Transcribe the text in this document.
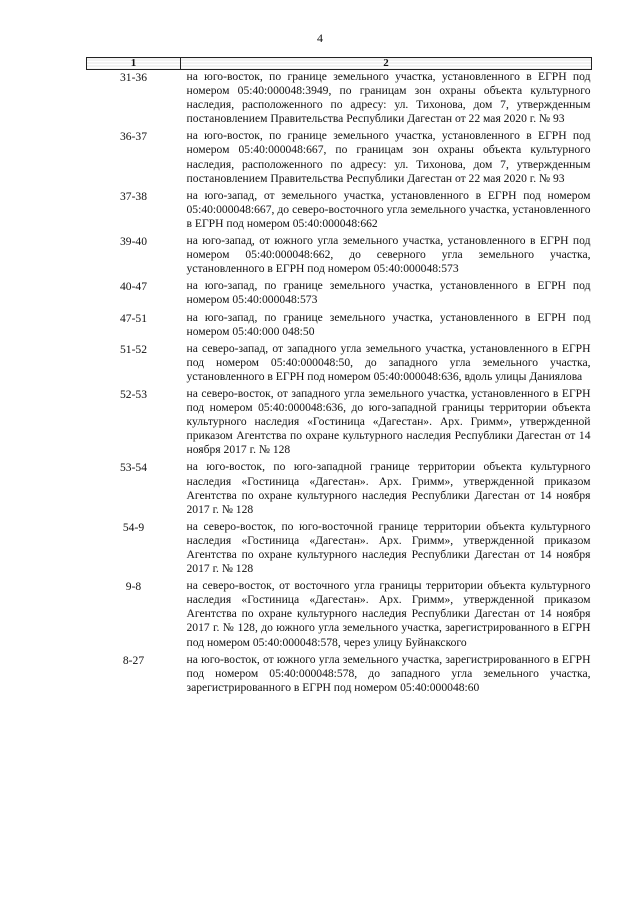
4
1	2
31-36	на юго-восток, по границе земельного участка, установленного в ЕГРН под номером 05:40:000048:3949, по границам зон охраны объекта культурного наследия, расположенного по адресу: ул. Тихонова, дом 7, утвержденным постановлением Правительства Республики Дагестан от 22 мая 2020 г. № 93
36-37	на юго-восток, по границе земельного участка, установленного в ЕГРН под номером 05:40:000048:667, по границам зон охраны объекта культурного наследия, расположенного по адресу: ул. Тихонова, дом 7, утвержденным постановлением Правительства Республики Дагестан от 22 мая 2020 г. № 93
37-38	на юго-запад, от земельного участка, установленного в ЕГРН под номером 05:40:000048:667, до северо-восточного угла земельного участка, установленного в ЕГРН под номером 05:40:000048:662
39-40	на юго-запад, от южного угла земельного участка, установленного в ЕГРН под номером 05:40:000048:662, до северного угла земельного участка, установленного в ЕГРН под номером 05:40:000048:573
40-47	на юго-запад, по границе земельного участка, установленного в ЕГРН под номером 05:40:000048:573
47-51	на юго-запад, по границе земельного участка, установленного в ЕГРН под номером 05:40:000 048:50
51-52	на северо-запад, от западного угла земельного участка, установленного в ЕГРН под номером 05:40:000048:50, до западного угла земельного участка, установленного в ЕГРН под номером 05:40:000048:636, вдоль улицы Даниялова
52-53	на северо-восток, от западного угла земельного участка, установленного в ЕГРН под номером 05:40:000048:636, до юго-западной границы территории объекта культурного наследия «Гостиница «Дагестан». Арх. Гримм», утвержденной приказом Агентства по охране культурного наследия Республики Дагестан от 14 ноября 2017 г. № 128
53-54	на юго-восток, по юго-западной границе территории объекта культурного наследия «Гостиница «Дагестан». Арх. Гримм», утвержденной приказом Агентства по охране культурного наследия Республики Дагестан от 14 ноября 2017 г. № 128
54-9	на северо-восток, по юго-восточной границе территории объекта культурного наследия «Гостиница «Дагестан». Арх. Гримм», утвержденной приказом Агентства по охране культурного наследия Республики Дагестан от 14 ноября 2017 г. № 128
9-8	на северо-восток, от восточного угла границы территории объекта культурного наследия «Гостиница «Дагестан». Арх. Гримм», утвержденной приказом Агентства по охране культурного наследия Республики Дагестан от 14 ноября 2017 г. № 128, до южного угла земельного участка, зарегистрированного в ЕГРН под номером 05:40:000048:578, через улицу Буйнакского
8-27	на юго-восток, от южного угла земельного участка, зарегистрированного в ЕГРН под номером 05:40:000048:578, до западного угла земельного участка, зарегистрированного в ЕГРН под номером 05:40:000048:60
